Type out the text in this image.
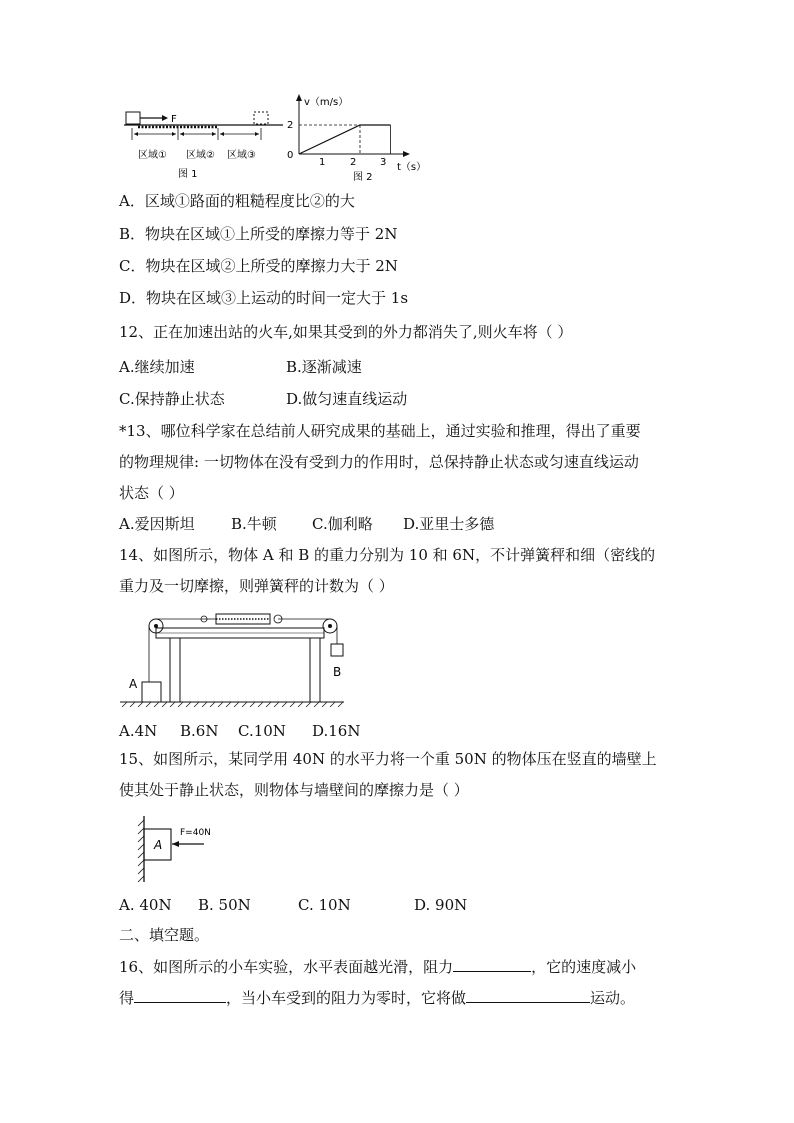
F
区域① 区域② 区域③
图 1
v（m/s）
t（s）
0
2
1 2 3
图 2
A．区域①路面的粗糙程度比②的大
B．物块在区域①上所受的摩擦力等于 2N
C．物块在区域②上所受的摩擦力大于 2N
D．物块在区域③上运动的时间一定大于 1s
12、正在加速出站的火车,如果其受到的外力都消失了,则火车将（ ）
A.继续加速	B.逐渐减速
C.保持静止状态	D.做匀速直线运动
*13、哪位科学家在总结前人研究成果的基础上，通过实验和推理，得出了重要
的物理规律: 一切物体在没有受到力的作用时，总保持静止状态或匀速直线运动
状态（ ）
A.爱因斯坦 B.牛顿 C.伽利略 D.亚里士多德
14、如图所示，物体 A 和 B 的重力分别为 10 和 6N，不计弹簧秤和细（密线的
重力及一切摩擦，则弹簧秤的计数为（ ）
A
B
A.4N B.6N C.10N D.16N
15、如图所示，某同学用 40N 的水平力将一个重 50N 的物体压在竖直的墙壁上
使其处于静止状态，则物体与墙壁间的摩擦力是（ ）
A
F=40N
A. 40N B. 50N	C. 10N	D. 90N
二、填空题。
16、如图所示的小车实验，水平表面越光滑，阻力	，它的速度减小
得	，当小车受到的阻力为零时，它将做	运动。
